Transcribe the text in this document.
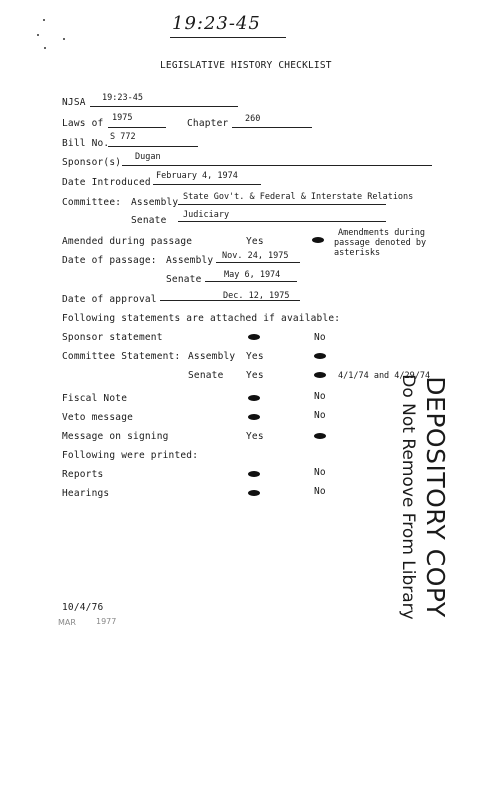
19:23-45
LEGISLATIVE HISTORY CHECKLIST
NJSA 19:23-45
Laws of 1975	Chapter 260
Bill No.
S 772
Sponsor(s) Dugan
Date Introduced
February 4, 1974
Committee: Assembly State Gov't. & Federal & Interstate Relations
Senate Judiciary
Amended during passage	Yes
Amendments during
passage denoted by
asterisks
Date of passage: Assembly Nov. 24, 1975
Senate	May 6, 1974
Date of approval	Dec. 12, 1975
Following statements are attached if available:
Sponsor statement	No
Committee Statement: Assembly Yes
Senate Yes	4/1/74 and 4/29/74
Fiscal Note	No
Veto message	No
Message on signing	Yes
Following were printed:
Reports	No
Hearings	No	DEPOSITORY COPY
Do Not Remove From Library
10/4/76
MAR	1977
